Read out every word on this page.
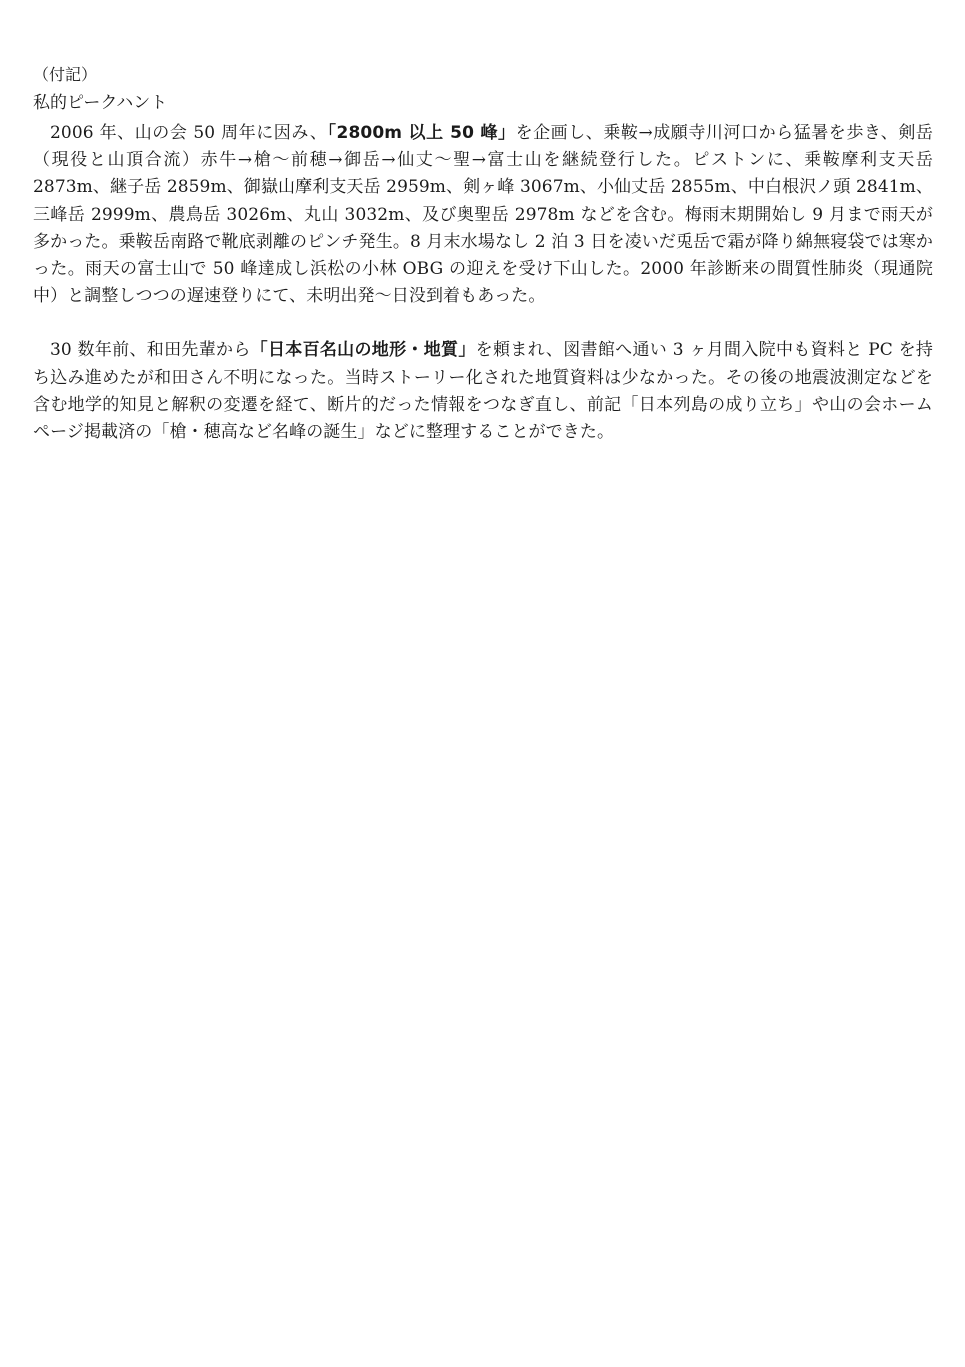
（付記）

私的ピークハント

2006 年、山の会 50 周年に因み、「2800m 以上 50 峰」を企画し、乗鞍→成願寺川河口から猛暑を歩き、剣岳（現役と山頂合流）赤牛→槍～前穂→御岳→仙丈～聖→富士山を継続登行した。ピストンに、乗鞍摩利支天岳 2873m、継子岳 2859m、御嶽山摩利支天岳 2959m、剣ヶ峰 3067m、小仙丈岳 2855m、中白根沢ノ頭 2841m、三峰岳 2999m、農鳥岳 3026m、丸山 3032m、及び奥聖岳 2978m などを含む。梅雨末期開始し 9 月まで雨天が多かった。乗鞍岳南路で靴底剥離のピンチ発生。8 月末水場なし 2 泊 3 日を凌いだ兎岳で霜が降り綿無寝袋では寒かった。雨天の富士山で 50 峰達成し浜松の小林 OBG の迎えを受け下山した。2000 年診断来の間質性肺炎（現通院中）と調整しつつの遅速登りにて、未明出発～日没到着もあった。

30 数年前、和田先輩から「日本百名山の地形・地質」を頼まれ、図書館へ通い 3 ヶ月間入院中も資料と PC を持ち込み進めたが和田さん不明になった。当時ストーリー化された地質資料は少なかった。その後の地震波測定などを含む地学的知見と解釈の変遷を経て、断片的だった情報をつなぎ直し、前記「日本列島の成り立ち」や山の会ホームページ掲載済の「槍・穂高など名峰の誕生」などに整理することができた。
